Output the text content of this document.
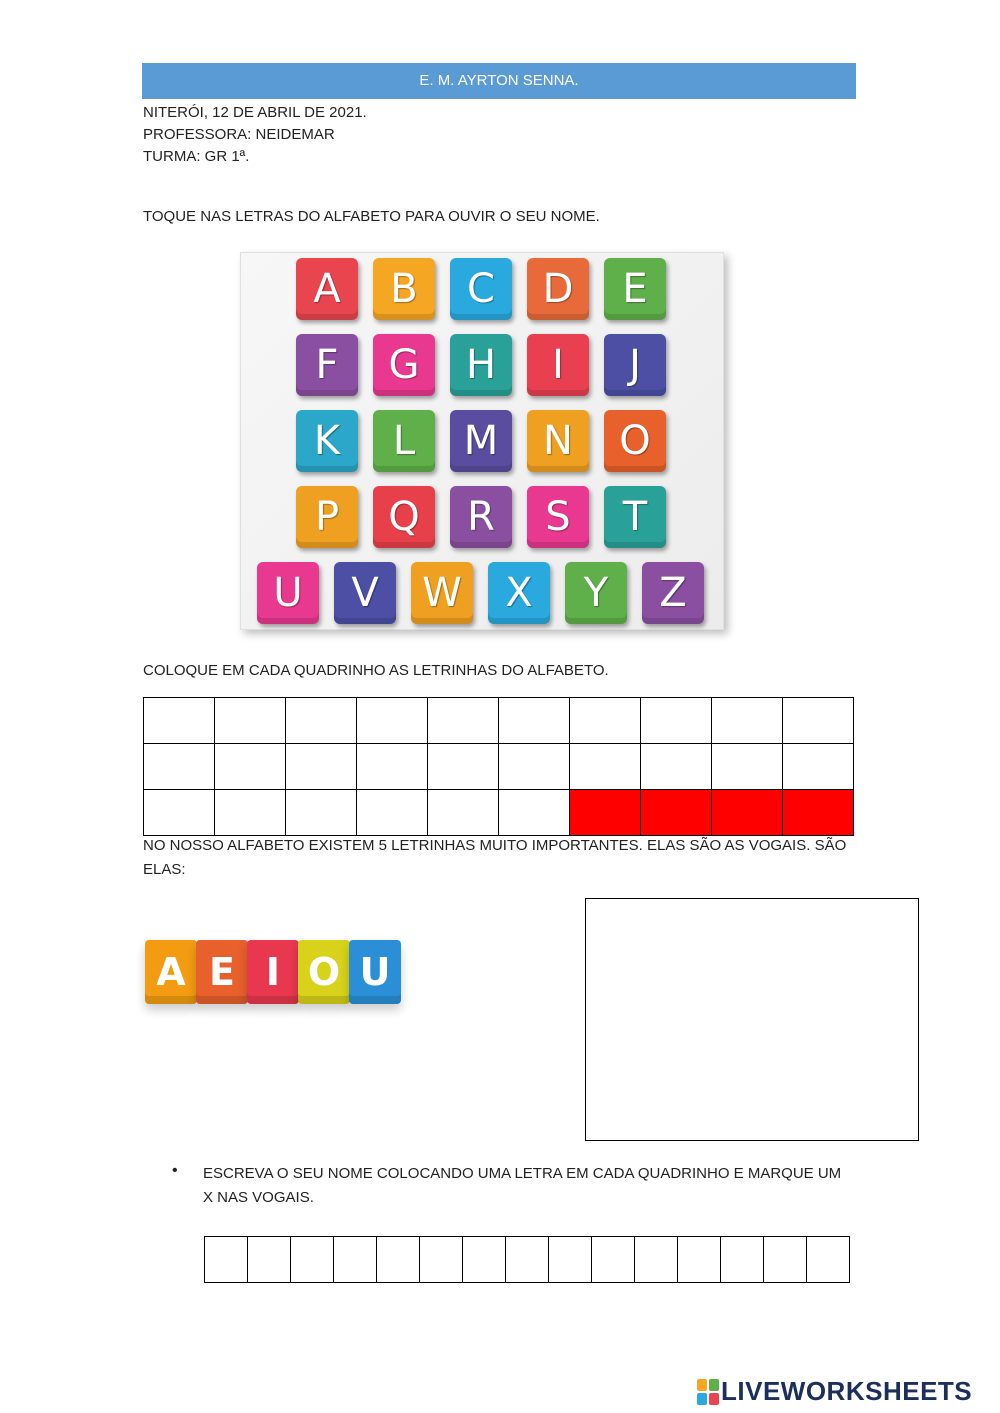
E. M. AYRTON SENNA.
NITERÓI, 12 DE ABRIL DE 2021.
PROFESSORA: NEIDEMAR
TURMA: GR 1ª.
TOQUE NAS LETRAS DO ALFABETO PARA OUVIR O SEU NOME.
A	B	C	D	E
F	G	H	I	J
K	L	M	N	O
P	Q	R	S	T
U	V	W	X	Y	Z
COLOQUE EM CADA QUADRINHO AS LETRINHAS DO ALFABETO.

NO NOSSO ALFABETO EXISTEM 5 LETRINHAS MUITO IMPORTANTES. ELAS SÃO AS VOGAIS. SÃO ELAS:
A E I O U
• ESCREVA O SEU NOME COLOCANDO UMA LETRA EM CADA QUADRINHO E MARQUE UM X NAS VOGAIS.

LIVEWORKSHEETS
